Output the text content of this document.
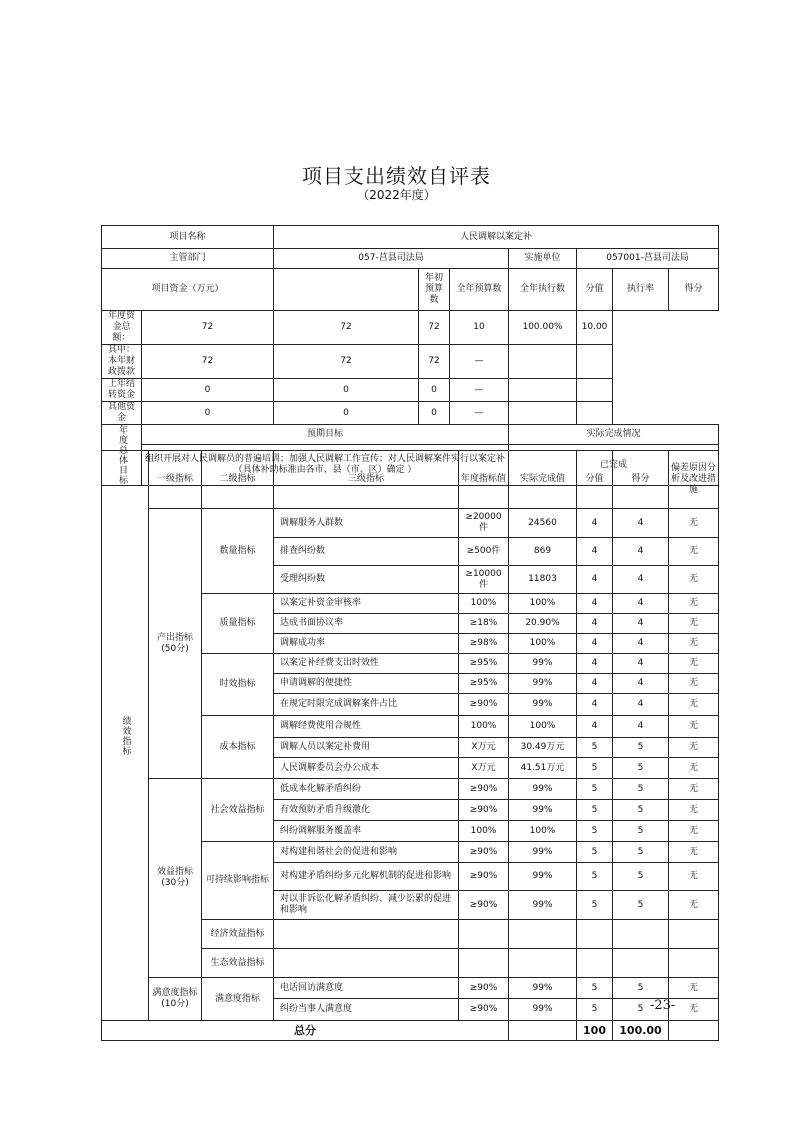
项目支出绩效自评表
（2022年度）
项目名称		人民调解以案定补						
主管部门		057-莒县司法局			实施单位	057001-莒县司法局		
项目资金（万元）			年初预算数	全年预算数	全年执行数	分值	执行率	得分
年度资金总额：	72	72	72	10	100.00%	10.00		
其中：本年财政拨款	72	72	72	—				
上年结转资金	0	0	0	—				
其他资金	0	0	0	—				
年度总体目标	预期目标				实际完成情况			
	组织开展对人民调解员的普遍培训；加强人民调解工作宣传；对人民调解案件实行以案定补（具体补助标准由各市、县（市、区）确定 ）				已完成			
绩效指标	一级指标	二级指标	三级指标	年度指标值	实际完成值	分值	得分	偏差原因分析及改进措施
	产出指标(50分)	数量指标	调解服务人群数	≥20000件	24560	4	4	无
			排查纠纷数	≥500件	869	4	4	无
			受理纠纷数	≥10000件	11803	4	4	无
		质量指标	以案定补资金审核率	100%	100%	4	4	无
			达成书面协议率	≥18%	20.90%	4	4	无
			调解成功率	≥98%	100%	4	4	无
		时效指标	以案定补经费支出时效性	≥95%	99%	4	4	无
			申请调解的便捷性	≥95%	99%	4	4	无
			在规定时限完成调解案件占比	≥90%	99%	4	4	无
		成本指标	调解经费使用合规性	100%	100%	4	4	无
			调解人员以案定补费用	X万元	30.49万元	5	5	无
			人民调解委员会办公成本	X万元	41.51万元	5	5	无
	效益指标(30分)	社会效益指标	低成本化解矛盾纠纷	≥90%	99%	5	5	无
			有效预防矛盾升级激化	≥90%	99%	5	5	无
			纠纷调解服务覆盖率	100%	100%	5	5	无
		可持续影响指标	对构建和谐社会的促进和影响	≥90%	99%	5	5	无
			对构建矛盾纠纷多元化解机制的促进和影响	≥90%	99%	5	5	无
			对以非诉讼化解矛盾纠纷、减少讼累的促进和影响	≥90%	99%	5	5	无
		经济效益指标						
		生态效益指标						
	满意度指标(10分)	满意度指标	电话回访满意度	≥90%	99%	5	5	无
			纠纷当事人满意度	≥90%	99%	5	5	无
总分						100	100.00	
-23-
